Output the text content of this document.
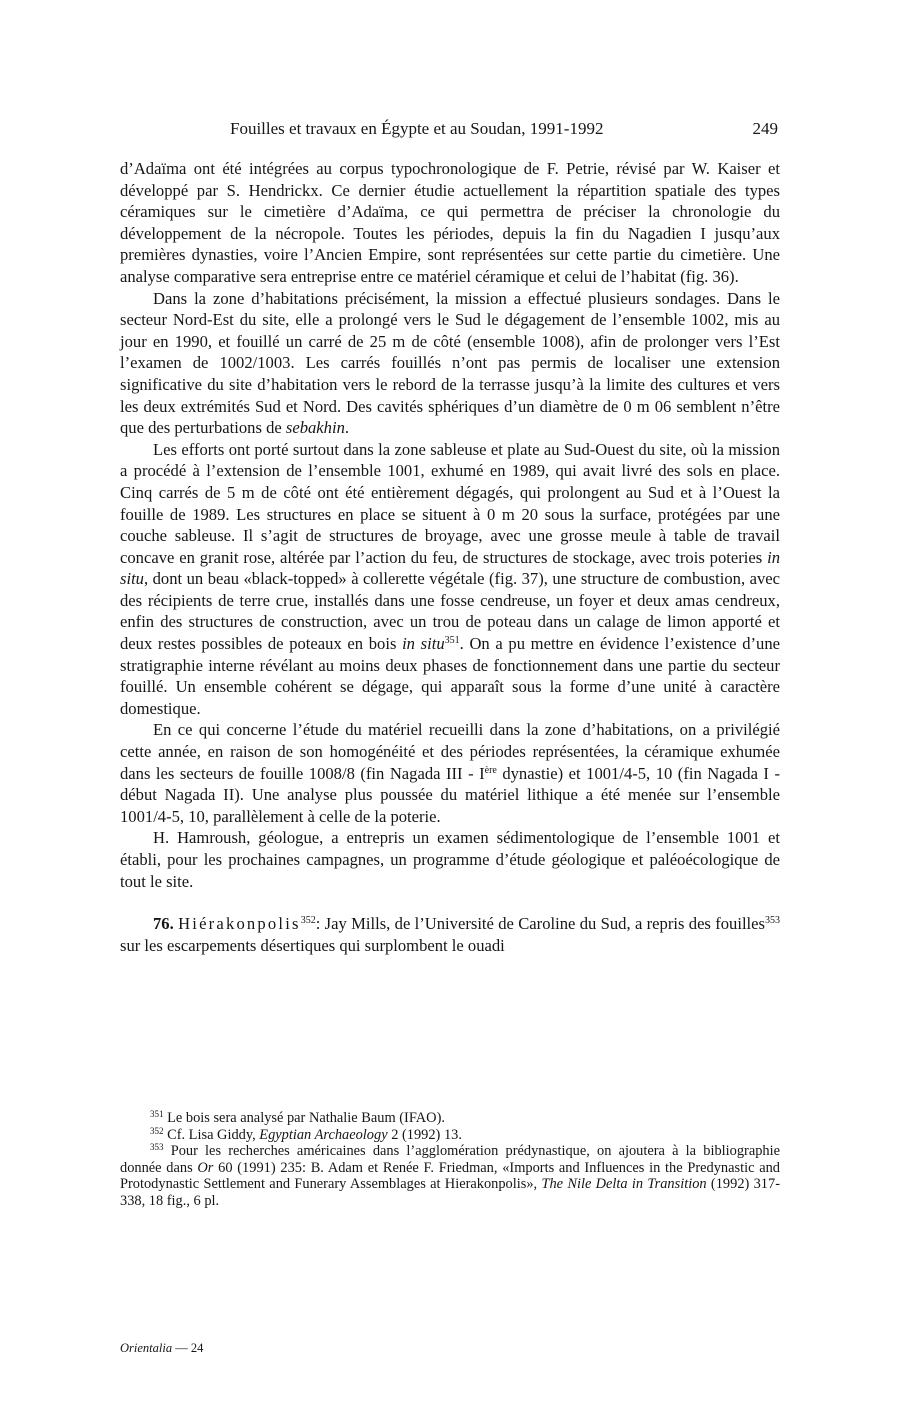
Fouilles et travaux en Égypte et au Soudan, 1991-1992	249

d’Adaïma ont été intégrées au corpus typochronologique de F. Petrie, révisé par W. Kaiser et développé par S. Hendrickx. Ce dernier étudie actuellement la répartition spatiale des types céramiques sur le cimetière d’Adaïma, ce qui permettra de préciser la chronologie du développement de la nécropole. Toutes les périodes, depuis la fin du Nagadien I jusqu’aux premières dynasties, voire l’Ancien Empire, sont représentées sur cette partie du cimetière. Une analyse comparative sera entreprise entre ce matériel céramique et celui de l’habitat (fig. 36).

Dans la zone d’habitations précisément, la mission a effectué plusieurs sondages. Dans le secteur Nord-Est du site, elle a prolongé vers le Sud le dégagement de l’ensemble 1002, mis au jour en 1990, et fouillé un carré de 25 m de côté (ensemble 1008), afin de prolonger vers l’Est l’examen de 1002/1003. Les carrés fouillés n’ont pas permis de localiser une extension significative du site d’habitation vers le rebord de la terrasse jusqu’à la limite des cultures et vers les deux extrémités Sud et Nord. Des cavités sphériques d’un diamètre de 0 m 06 semblent n’être que des perturbations de sebakhin.

Les efforts ont porté surtout dans la zone sableuse et plate au Sud-Ouest du site, où la mission a procédé à l’extension de l’ensemble 1001, exhumé en 1989, qui avait livré des sols en place. Cinq carrés de 5 m de côté ont été entièrement dégagés, qui prolongent au Sud et à l’Ouest la fouille de 1989. Les structures en place se situent à 0 m 20 sous la surface, protégées par une couche sableuse. Il s’agit de structures de broyage, avec une grosse meule à table de travail concave en granit rose, altérée par l’action du feu, de structures de stockage, avec trois poteries in situ, dont un beau «black-topped» à collerette végétale (fig. 37), une structure de combustion, avec des récipients de terre crue, installés dans une fosse cendreuse, un foyer et deux amas cendreux, enfin des structures de construction, avec un trou de poteau dans un calage de limon apporté et deux restes possibles de poteaux en bois in situ$^{351}$. On a pu mettre en évidence l’existence d’une stratigraphie interne révélant au moins deux phases de fonctionnement dans une partie du secteur fouillé. Un ensemble cohérent se dégage, qui apparaît sous la forme d’une unité à caractère domestique.

En ce qui concerne l’étude du matériel recueilli dans la zone d’habitations, on a privilégié cette année, en raison de son homogénéité et des périodes représentées, la céramique exhumée dans les secteurs de fouille 1008/8 (fin Nagada III - Ière dynastie) et 1001/4-5, 10 (fin Nagada I - début Nagada II). Une analyse plus poussée du matériel lithique a été menée sur l’ensemble 1001/4-5, 10, parallèlement à celle de la poterie.

H. Hamroush, géologue, a entrepris un examen sédimentologique de l’ensemble 1001 et établi, pour les prochaines campagnes, un programme d’étude géologique et paléoécologique de tout le site.

76. Hiérakonpolis$^{352}$: Jay Mills, de l’Université de Caroline du Sud, a repris des fouilles$^{353}$ sur les escarpements désertiques qui surplombent le ouadi

$^{351}$ Le bois sera analysé par Nathalie Baum (IFAO).

$^{352}$ Cf. Lisa Giddy, Egyptian Archaeology 2 (1992) 13.

$^{353}$ Pour les recherches américaines dans l’agglomération prédynastique, on ajoutera à la bibliographie donnée dans Or 60 (1991) 235: B. Adam et Renée F. Friedman, «Imports and Influences in the Predynastic and Protodynastic Settlement and Funerary Assemblages at Hierakonpolis», The Nile Delta in Transition (1992) 317-338, 18 fig., 6 pl.

Orientalia — 24
